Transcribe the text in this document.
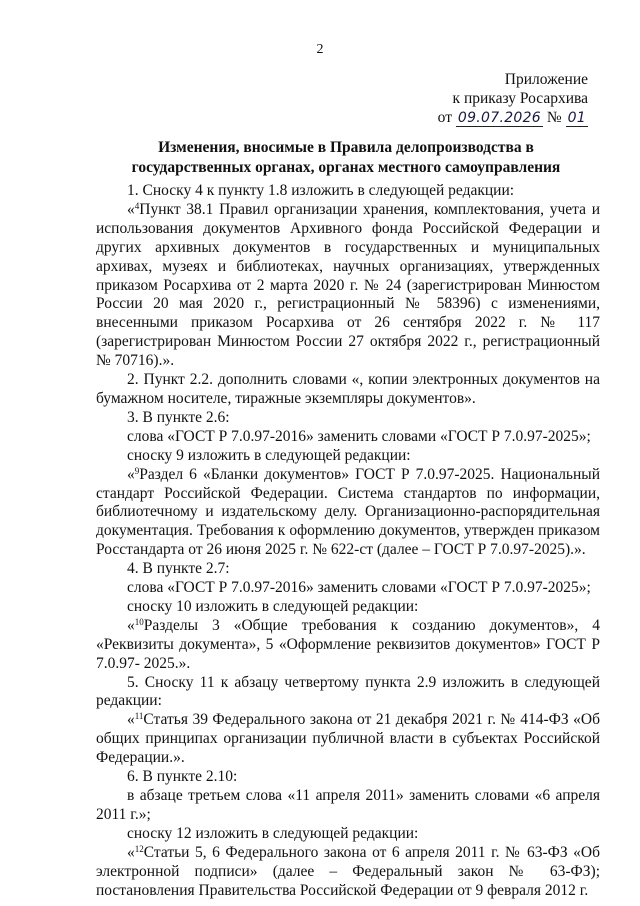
2
Приложение
к приказу Росархива
от 09.07.2026 № 01
Изменения, вносимые в Правила делопроизводства в
государственных органах, органах местного самоуправления

1. Сноску 4 к пункту 1.8 изложить в следующей редакции:

«$^4$Пункт 38.1 Правил организации хранения, комплектования, учета и использования документов Архивного фонда Российской Федерации и других архивных документов в государственных и муниципальных архивах, музеях и библиотеках, научных организациях, утвержденных приказом Росархива от 2 марта 2020 г. № 24 (зарегистрирован Минюстом России 20 мая 2020 г., регистрационный № 58396) с изменениями, внесенными приказом Росархива от 26 сентября 2022 г. № 117 (зарегистрирован Минюстом России 27 октября 2022 г., регистрационный № 70716).».

2. Пункт 2.2. дополнить словами «, копии электронных документов на бумажном носителе, тиражные экземпляры документов».

3. В пункте 2.6:

слова «ГОСТ Р 7.0.97-2016» заменить словами «ГОСТ Р 7.0.97-2025»;

сноску 9 изложить в следующей редакции:

«$^9$Раздел 6 «Бланки документов» ГОСТ Р 7.0.97-2025. Национальный стандарт Российской Федерации. Система стандартов по информации, библиотечному и издательскому делу. Организационно-распорядительная документация. Требования к оформлению документов, утвержден приказом Росстандарта от 26 июня 2025 г. № 622-ст (далее – ГОСТ Р 7.0.97-2025).».

4. В пункте 2.7:

слова «ГОСТ Р 7.0.97-2016» заменить словами «ГОСТ Р 7.0.97-2025»;

сноску 10 изложить в следующей редакции:

«$^{10}$Разделы 3 «Общие требования к созданию документов», 4 «Реквизиты документа», 5 «Оформление реквизитов документов» ГОСТ Р 7.0.97- 2025.».

5. Сноску 11 к абзацу четвертому пункта 2.9 изложить в следующей редакции:

«$^{11}$Статья 39 Федерального закона от 21 декабря 2021 г. № 414-ФЗ «Об общих принципах организации публичной власти в субъектах Российской Федерации.».

6. В пункте 2.10:

в абзаце третьем слова «11 апреля 2011» заменить словами «6 апреля 2011 г.»;

сноску 12 изложить в следующей редакции:

«$^{12}$Статьи 5, 6 Федерального закона от 6 апреля 2011 г. № 63-ФЗ «Об электронной подписи» (далее – Федеральный закон № 63-ФЗ); постановления Правительства Российской Федерации от 9 февраля 2012 г.
